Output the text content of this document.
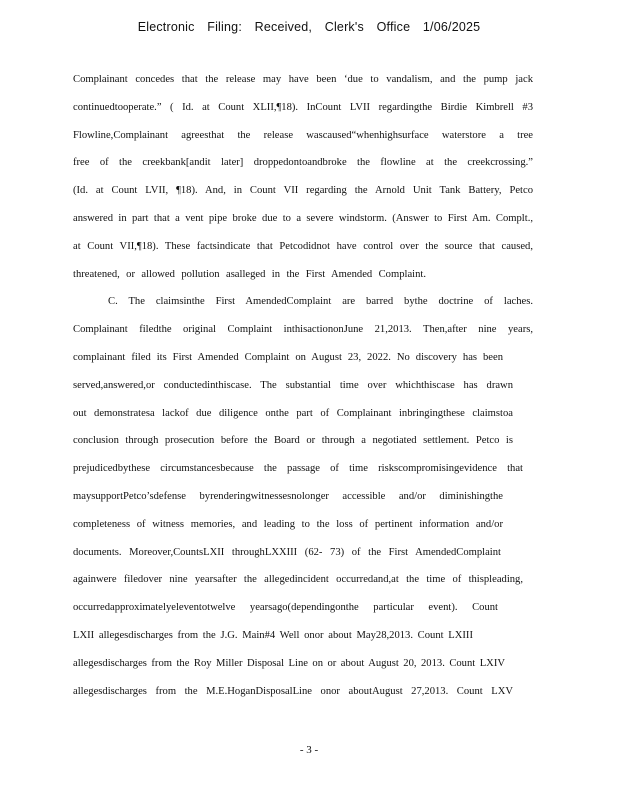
Electronic Filing: Received, Clerk's Office 1/06/2025
Complainant concedes that the release may have been ‘due to vandalism, and the pump jack
continuedtooperate.” ( Id. at Count XLII,¶18). InCount LVII regardingthe Birdie Kimbrell #3
Flowline,Complainant agreesthat the release wascaused“whenhighsurface waterstore a tree
free of the creekbank[andit later] droppedontoandbroke the flowline at the creekcrossing.”
(Id. at Count LVII, ¶18). And, in Count VII regarding the Arnold Unit Tank Battery, Petco
answered in part that a vent pipe broke due to a severe windstorm. (Answer to First Am. Complt.,
at Count VII,¶18). These factsindicate that Petcodidnot have control over the source that caused,
threatened, or allowed pollution asalleged in the First Amended Complaint.
C. The claimsinthe First AmendedComplaint are barred bythe doctrine of laches.
Complainant filedthe original Complaint inthisactiononJune 21,2013. Then,after nine years,
complainant filed its First Amended Complaint on August 23, 2022. No discovery has been
served,answered,or conductedinthiscase. The substantial time over whichthiscase has drawn
out demonstratesa lackof due diligence onthe part of Complainant inbringingthese claimstoa
conclusion through prosecution before the Board or through a negotiated settlement. Petco is
prejudicedbythese circumstancesbecause the passage of time riskscompromisingevidence that
maysupportPetco’sdefense byrenderingwitnessesnolonger accessible and/or diminishingthe
completeness of witness memories, and leading to the loss of pertinent information and/or
documents. Moreover,CountsLXII throughLXXIII (62- 73) of the First AmendedComplaint
againwere filedover nine yearsafter the allegedincident occurredand,at the time of thispleading,
occurredapproximatelyeleventotwelve yearsago(dependingonthe particular event). Count
LXII allegesdischarges from the J.G. Main#4 Well onor about May28,2013. Count LXIII
allegesdischarges from the Roy Miller Disposal Line on or about August 20, 2013. Count LXIV
allegesdischarges from the M.E.HoganDisposalLine onor aboutAugust 27,2013. Count LXV
- 3 -
